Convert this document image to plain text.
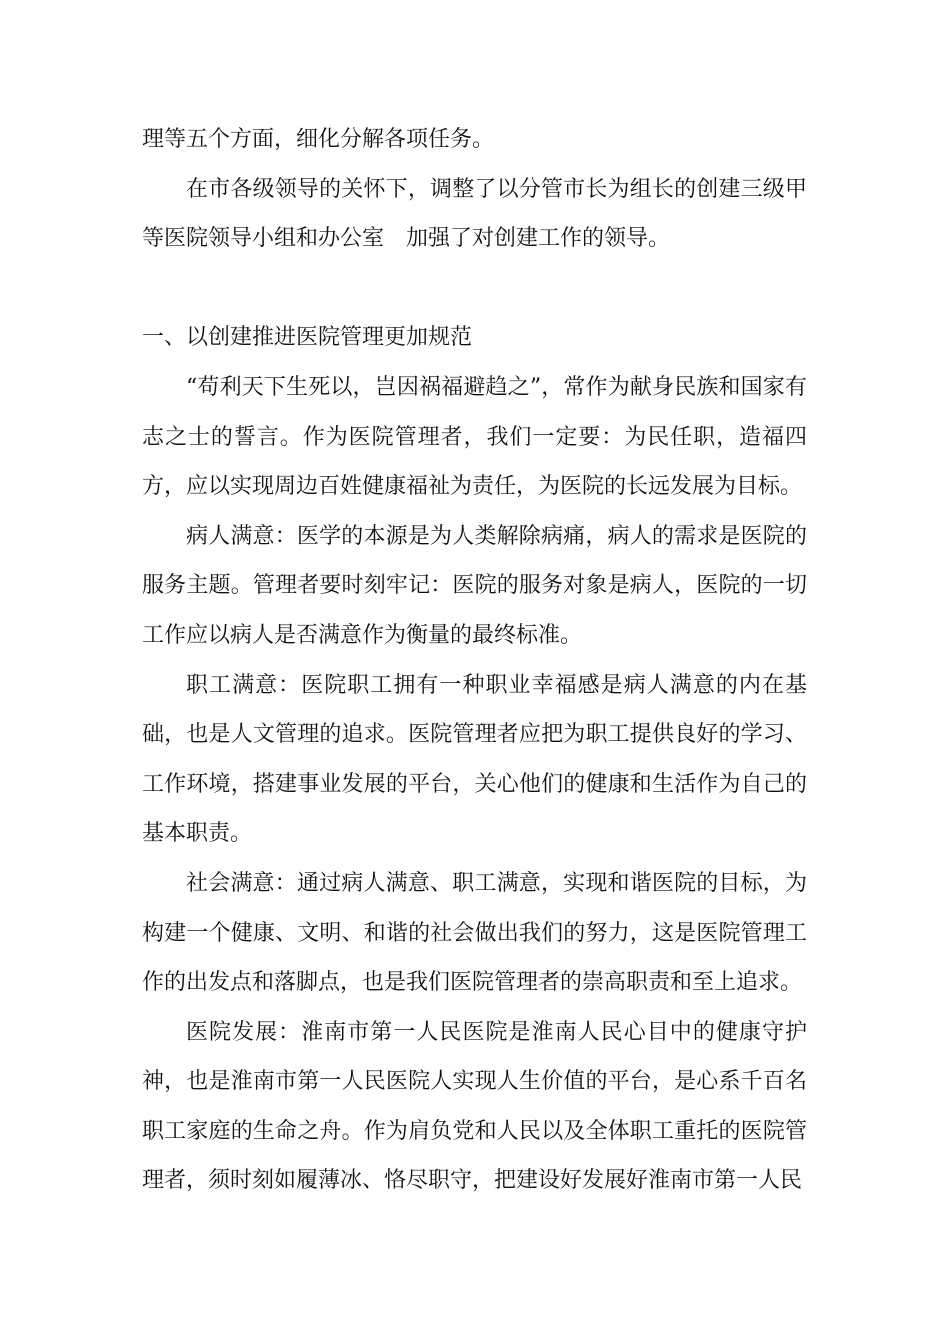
理等五个方面，细化分解各项任务。

在市各级领导的关怀下，调整了以分管市长为组长的创建三级甲等医院领导小组和办公室　加强了对创建工作的领导。

一、以创建推进医院管理更加规范

“苟利天下生死以，岂因祸福避趋之”，常作为献身民族和国家有志之士的誓言。作为医院管理者，我们一定要：为民任职，造福四方，应以实现周边百姓健康福祉为责任，为医院的长远发展为目标。

病人满意：医学的本源是为人类解除病痛，病人的需求是医院的服务主题。管理者要时刻牢记：医院的服务对象是病人，医院的一切工作应以病人是否满意作为衡量的最终标准。

职工满意：医院职工拥有一种职业幸福感是病人满意的内在基础，也是人文管理的追求。医院管理者应把为职工提供良好的学习、工作环境，搭建事业发展的平台，关心他们的健康和生活作为自己的基本职责。

社会满意：通过病人满意、职工满意，实现和谐医院的目标，为构建一个健康、文明、和谐的社会做出我们的努力，这是医院管理工作的出发点和落脚点，也是我们医院管理者的崇高职责和至上追求。

医院发展：淮南市第一人民医院是淮南人民心目中的健康守护神，也是淮南市第一人民医院人实现人生价值的平台，是心系千百名职工家庭的生命之舟。作为肩负党和人民以及全体职工重托的医院管理者，须时刻如履薄冰、恪尽职守，把建设好发展好淮南市第一人民
